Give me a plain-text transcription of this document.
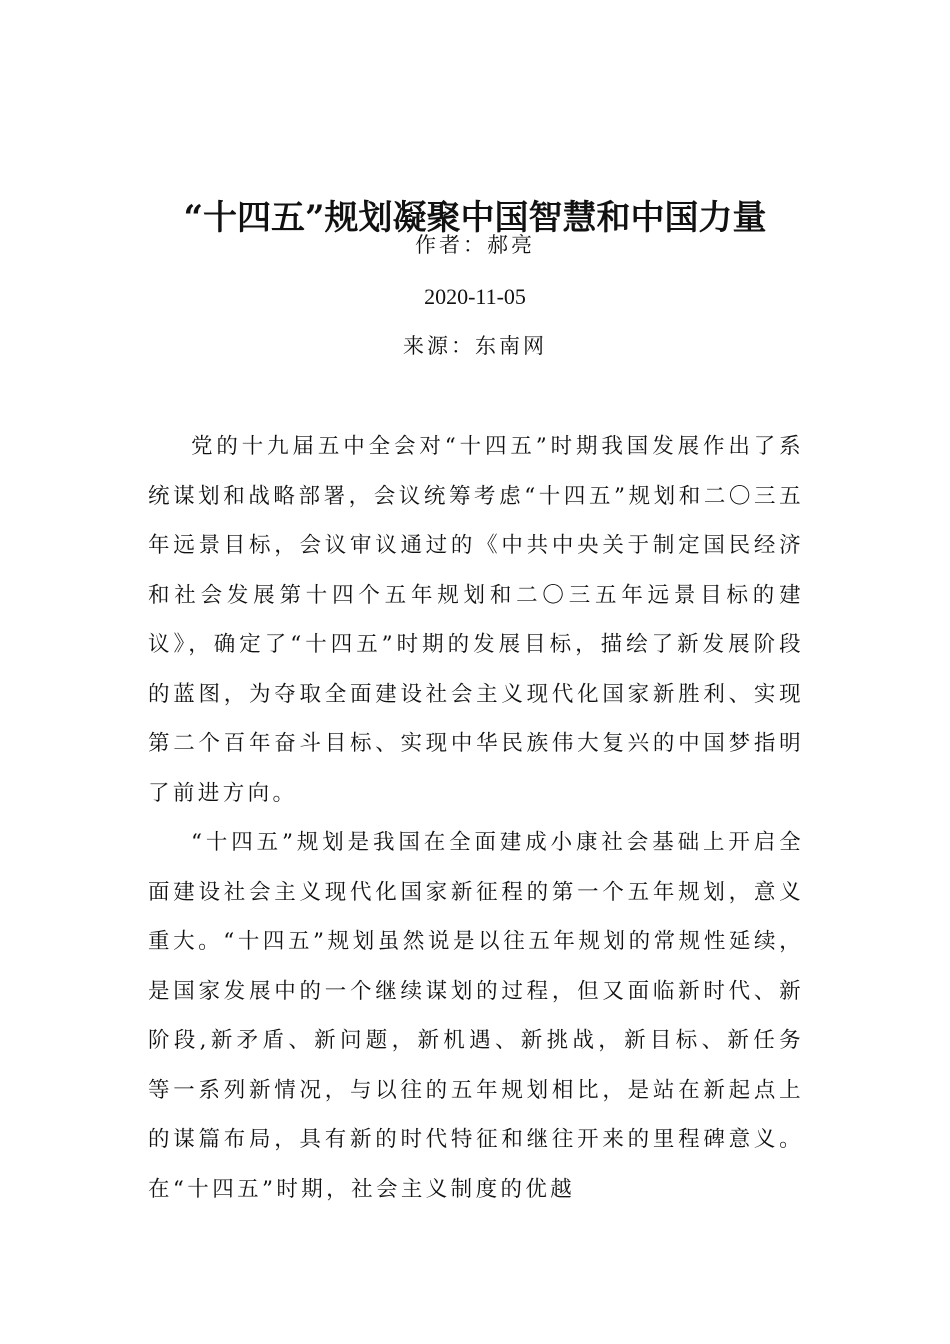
“十四五”规划凝聚中国智慧和中国力量
作者：郝亮
2020-11-05
来源：东南网

党的十九届五中全会对“十四五”时期我国发展作出了系统谋划和战略部署，会议统筹考虑“十四五”规划和二〇三五年远景目标，会议审议通过的《中共中央关于制定国民经济和社会发展第十四个五年规划和二〇三五年远景目标的建议》，确定了“十四五”时期的发展目标，描绘了新发展阶段的蓝图，为夺取全面建设社会主义现代化国家新胜利、实现第二个百年奋斗目标、实现中华民族伟大复兴的中国梦指明了前进方向。

“十四五”规划是我国在全面建成小康社会基础上开启全面建设社会主义现代化国家新征程的第一个五年规划，意义重大。“十四五”规划虽然说是以往五年规划的常规性延续，是国家发展中的一个继续谋划的过程，但又面临新时代、新阶段,新矛盾、新问题，新机遇、新挑战，新目标、新任务等一系列新情况，与以往的五年规划相比，是站在新起点上的谋篇布局，具有新的时代特征和继往开来的里程碑意义。在“十四五”时期，社会主义制度的优越
